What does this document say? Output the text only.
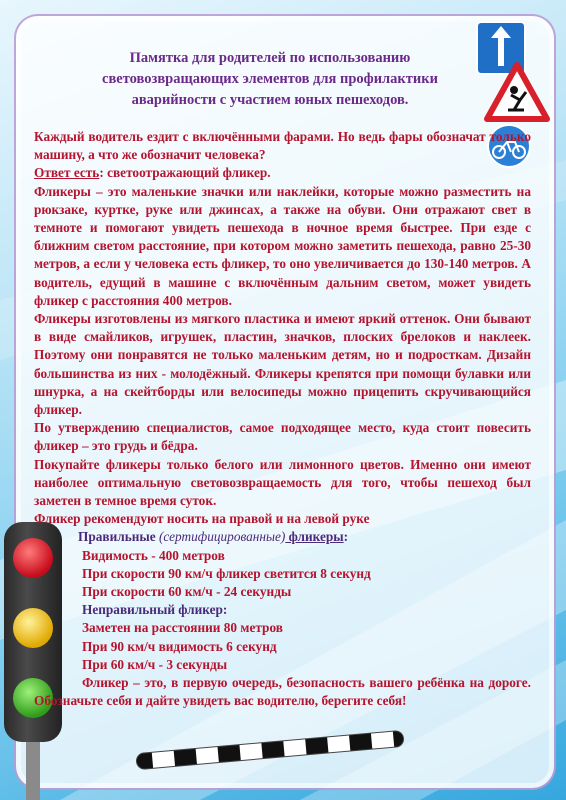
Памятка для родителей по использованию световозвращающих элементов для профилактики аварийности с участием юных пешеходов.

Каждый водитель ездит с включёнными фарами. Но ведь фары обозначат только машину, а что же обозначит человека?

Ответ есть: светоотражающий фликер.

Фликеры – это маленькие значки или наклейки, которые можно разместить на рюкзаке, куртке, руке или джинсах, а также на обуви. Они отражают свет в темноте и помогают увидеть пешехода в ночное время быстрее. При езде с ближним светом расстояние, при котором можно заметить пешехода, равно 25-30 метров, а если у человека есть фликер, то оно увеличивается до 130-140 метров. А водитель, едущий в машине с включённым дальним светом, может увидеть фликер с расстояния 400 метров.

Фликеры изготовлены из мягкого пластика и имеют яркий оттенок. Они бывают в виде смайликов, игрушек, пластин, значков, плоских брелоков и наклеек. Поэтому они понравятся не только маленьким детям, но и подросткам. Дизайн большинства из них - молодёжный. Фликеры крепятся при помощи булавки или шнурка, а на скейтборды или велосипеды можно прицепить скручивающийся фликер.

По утверждению специалистов, самое подходящее место, куда стоит повесить фликер – это грудь и бёдра.

Покупайте фликеры только белого или лимонного цветов. Именно они имеют наиболее оптимальную световозвращаемость для того, чтобы пешеход был заметен в темное время суток.

Фликер рекомендуют носить на правой и на левой руке

Правильные (сертифицированные) фликеры:

Видимость - 400 метров

При скорости 90 км/ч фликер светится 8 секунд

При скорости 60 км/ч - 24 секунды

Неправильный фликер:

Заметен на расстоянии 80 метров

При 90 км/ч видимость 6 секунд

При 60 км/ч - 3 секунды

Фликер – это, в первую очередь, безопасность вашего ребёнка на дороге. Обозначьте себя и дайте увидеть вас водителю, берегите себя!
